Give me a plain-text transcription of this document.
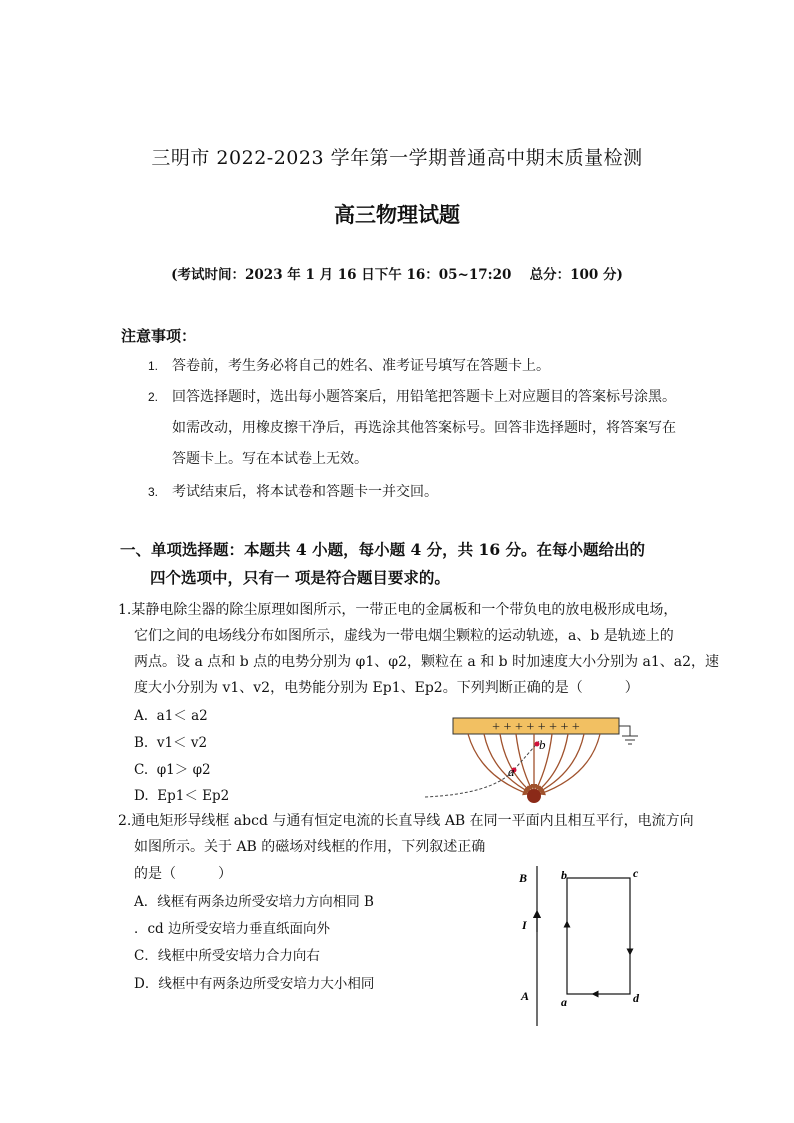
三明市 2022-2023 学年第一学期普通高中期末质量检测
高三物理试题
(考试时间：2023 年 1 月 16 日下午 16：05~17:20　 总分：100 分)
注意事项：
1. 答卷前，考生务必将自己的姓名、准考证号填写在答题卡上。
2. 回答选择题时，选出每小题答案后，用铅笔把答题卡上对应题目的答案标号涂黑。
如需改动，用橡皮擦干净后，再选涂其他答案标号。回答非选择题时，将答案写在
答题卡上。写在本试卷上无效。
3. 考试结束后，将本试卷和答题卡一并交回。
一、单项选择题：本题共 4 小题，每小题 4 分，共 16 分。在每小题给出的
四个选项中，只有一 项是符合题目要求的。
1.某静电除尘器的除尘原理如图所示，一带正电的金属板和一个带负电的放电极形成电场，
它们之间的电场线分布如图所示，虚线为一带电烟尘颗粒的运动轨迹，a、b 是轨迹上的
两点。设 a 点和 b 点的电势分别为 φ1、φ2，颗粒在 a 和 b 时加速度大小分别为 a1、a2，速
度大小分别为 v1、v2，电势能分别为 Ep1、Ep2。下列判断正确的是（　　　）
A. a1＜ a2
B. v1＜ v2
C. φ1＞ φ2
D. Ep1＜ Ep2
+ + + + + + + +
a
b
2.通电矩形导线框 abcd 与通有恒定电流的长直导线 AB 在同一平面内且相互平行，电流方向
如图所示。关于 AB 的磁场对线框的作用，下列叙述正确
的是（　　　）
A．线框有两条边所受安培力方向相同 B
．cd 边所受安培力垂直纸面向外
C．线框中所受安培力合力向右
D．线框中有两条边所受安培力大小相同
B
I
A
b	c
a	d
